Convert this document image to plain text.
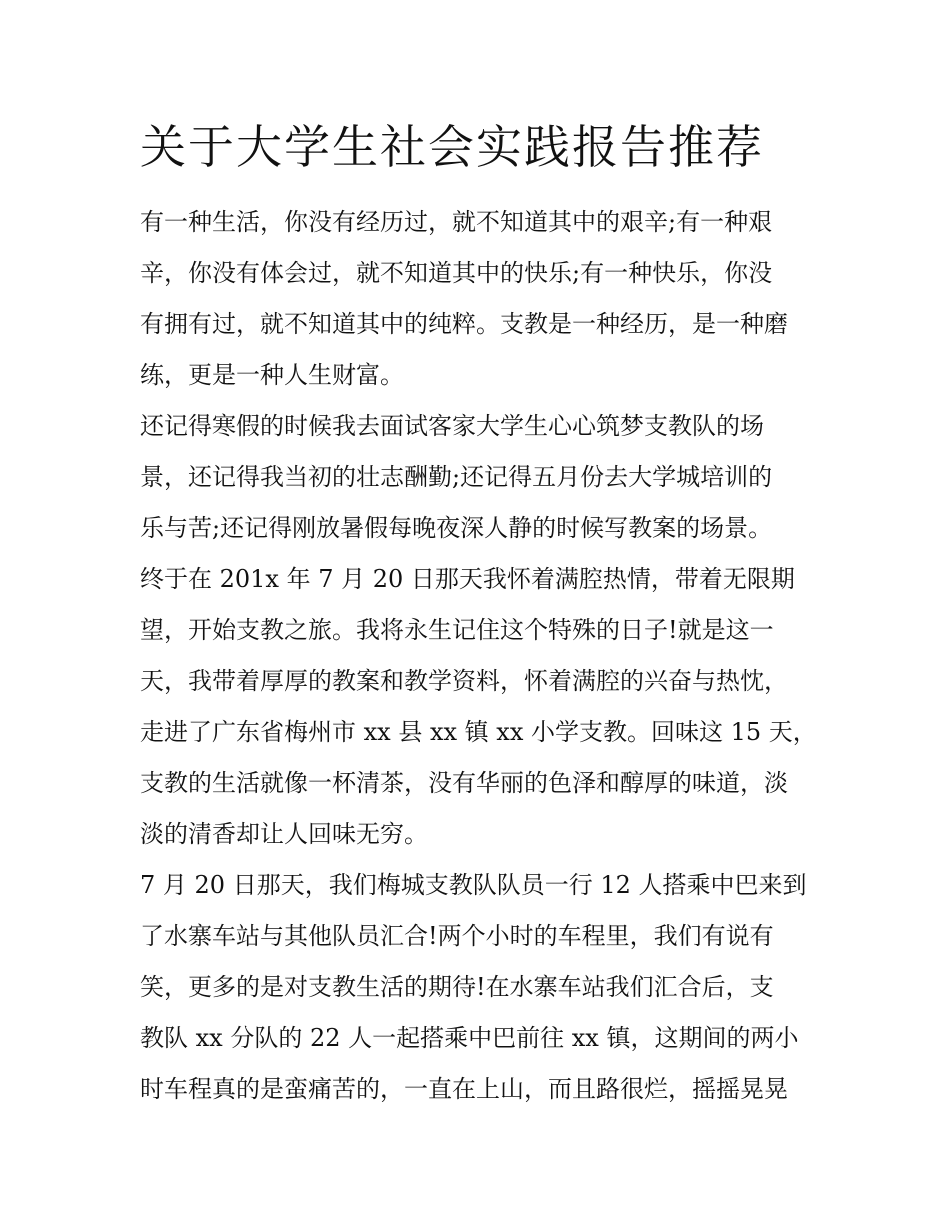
关于大学生社会实践报告推荐
有一种生活，你没有经历过，就不知道其中的艰辛;有一种艰
辛，你没有体会过，就不知道其中的快乐;有一种快乐，你没
有拥有过，就不知道其中的纯粹。支教是一种经历，是一种磨
练，更是一种人生财富。
还记得寒假的时候我去面试客家大学生心心筑梦支教队的场
景，还记得我当初的壮志酬勤;还记得五月份去大学城培训的
乐与苦;还记得刚放暑假每晚夜深人静的时候写教案的场景。
终于在 201x 年 7 月 20 日那天我怀着满腔热情，带着无限期
望，开始支教之旅。我将永生记住这个特殊的日子!就是这一
天，我带着厚厚的教案和教学资料，怀着满腔的兴奋与热忱，
走进了广东省梅州市 xx 县 xx 镇 xx 小学支教。回味这 15 天，
支教的生活就像一杯清茶，没有华丽的色泽和醇厚的味道，淡
淡的清香却让人回味无穷。
7 月 20 日那天，我们梅城支教队队员一行 12 人搭乘中巴来到
了水寨车站与其他队员汇合!两个小时的车程里，我们有说有
笑，更多的是对支教生活的期待!在水寨车站我们汇合后，支
教队 xx 分队的 22 人一起搭乘中巴前往 xx 镇，这期间的两小
时车程真的是蛮痛苦的，一直在上山，而且路很烂，摇摇晃晃
